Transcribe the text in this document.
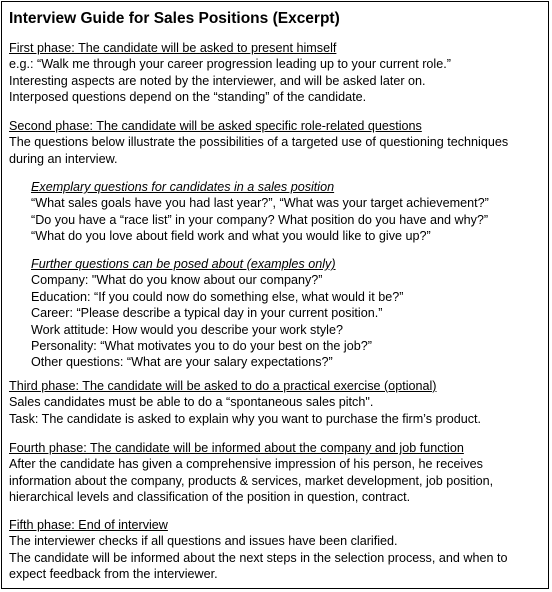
Interview Guide for Sales Positions (Excerpt)
First phase: The candidate will be asked to present himself
e.g.: “Walk me through your career progression leading up to your current role.”
Interesting aspects are noted by the interviewer, and will be asked later on.
Interposed questions depend on the “standing” of the candidate.
Second phase: The candidate will be asked specific role-related questions
The questions below illustrate the possibilities of a targeted use of questioning techniques
during an interview.
Exemplary questions for candidates in a sales position
“What sales goals have you had last year?”, “What was your target achievement?”
“Do you have a “race list” in your company? What position do you have and why?”
“What do you love about field work and what you would like to give up?”
Further questions can be posed about (examples only)
Company: "What do you know about our company?”
Education: “If you could now do something else, what would it be?”
Career: “Please describe a typical day in your current position.”
Work attitude: How would you describe your work style?
Personality: “What motivates you to do your best on the job?”
Other questions: “What are your salary expectations?”
Third phase: The candidate will be asked to do a practical exercise (optional)
Sales candidates must be able to do a “spontaneous sales pitch".
Task: The candidate is asked to explain why you want to purchase the firm’s product.
Fourth phase: The candidate will be informed about the company and job function
After the candidate has given a comprehensive impression of his person, he receives
information about the company, products & services, market development, job position,
hierarchical levels and classification of the position in question, contract.
Fifth phase: End of interview
The interviewer checks if all questions and issues have been clarified.
The candidate will be informed about the next steps in the selection process, and when to
expect feedback from the interviewer.
